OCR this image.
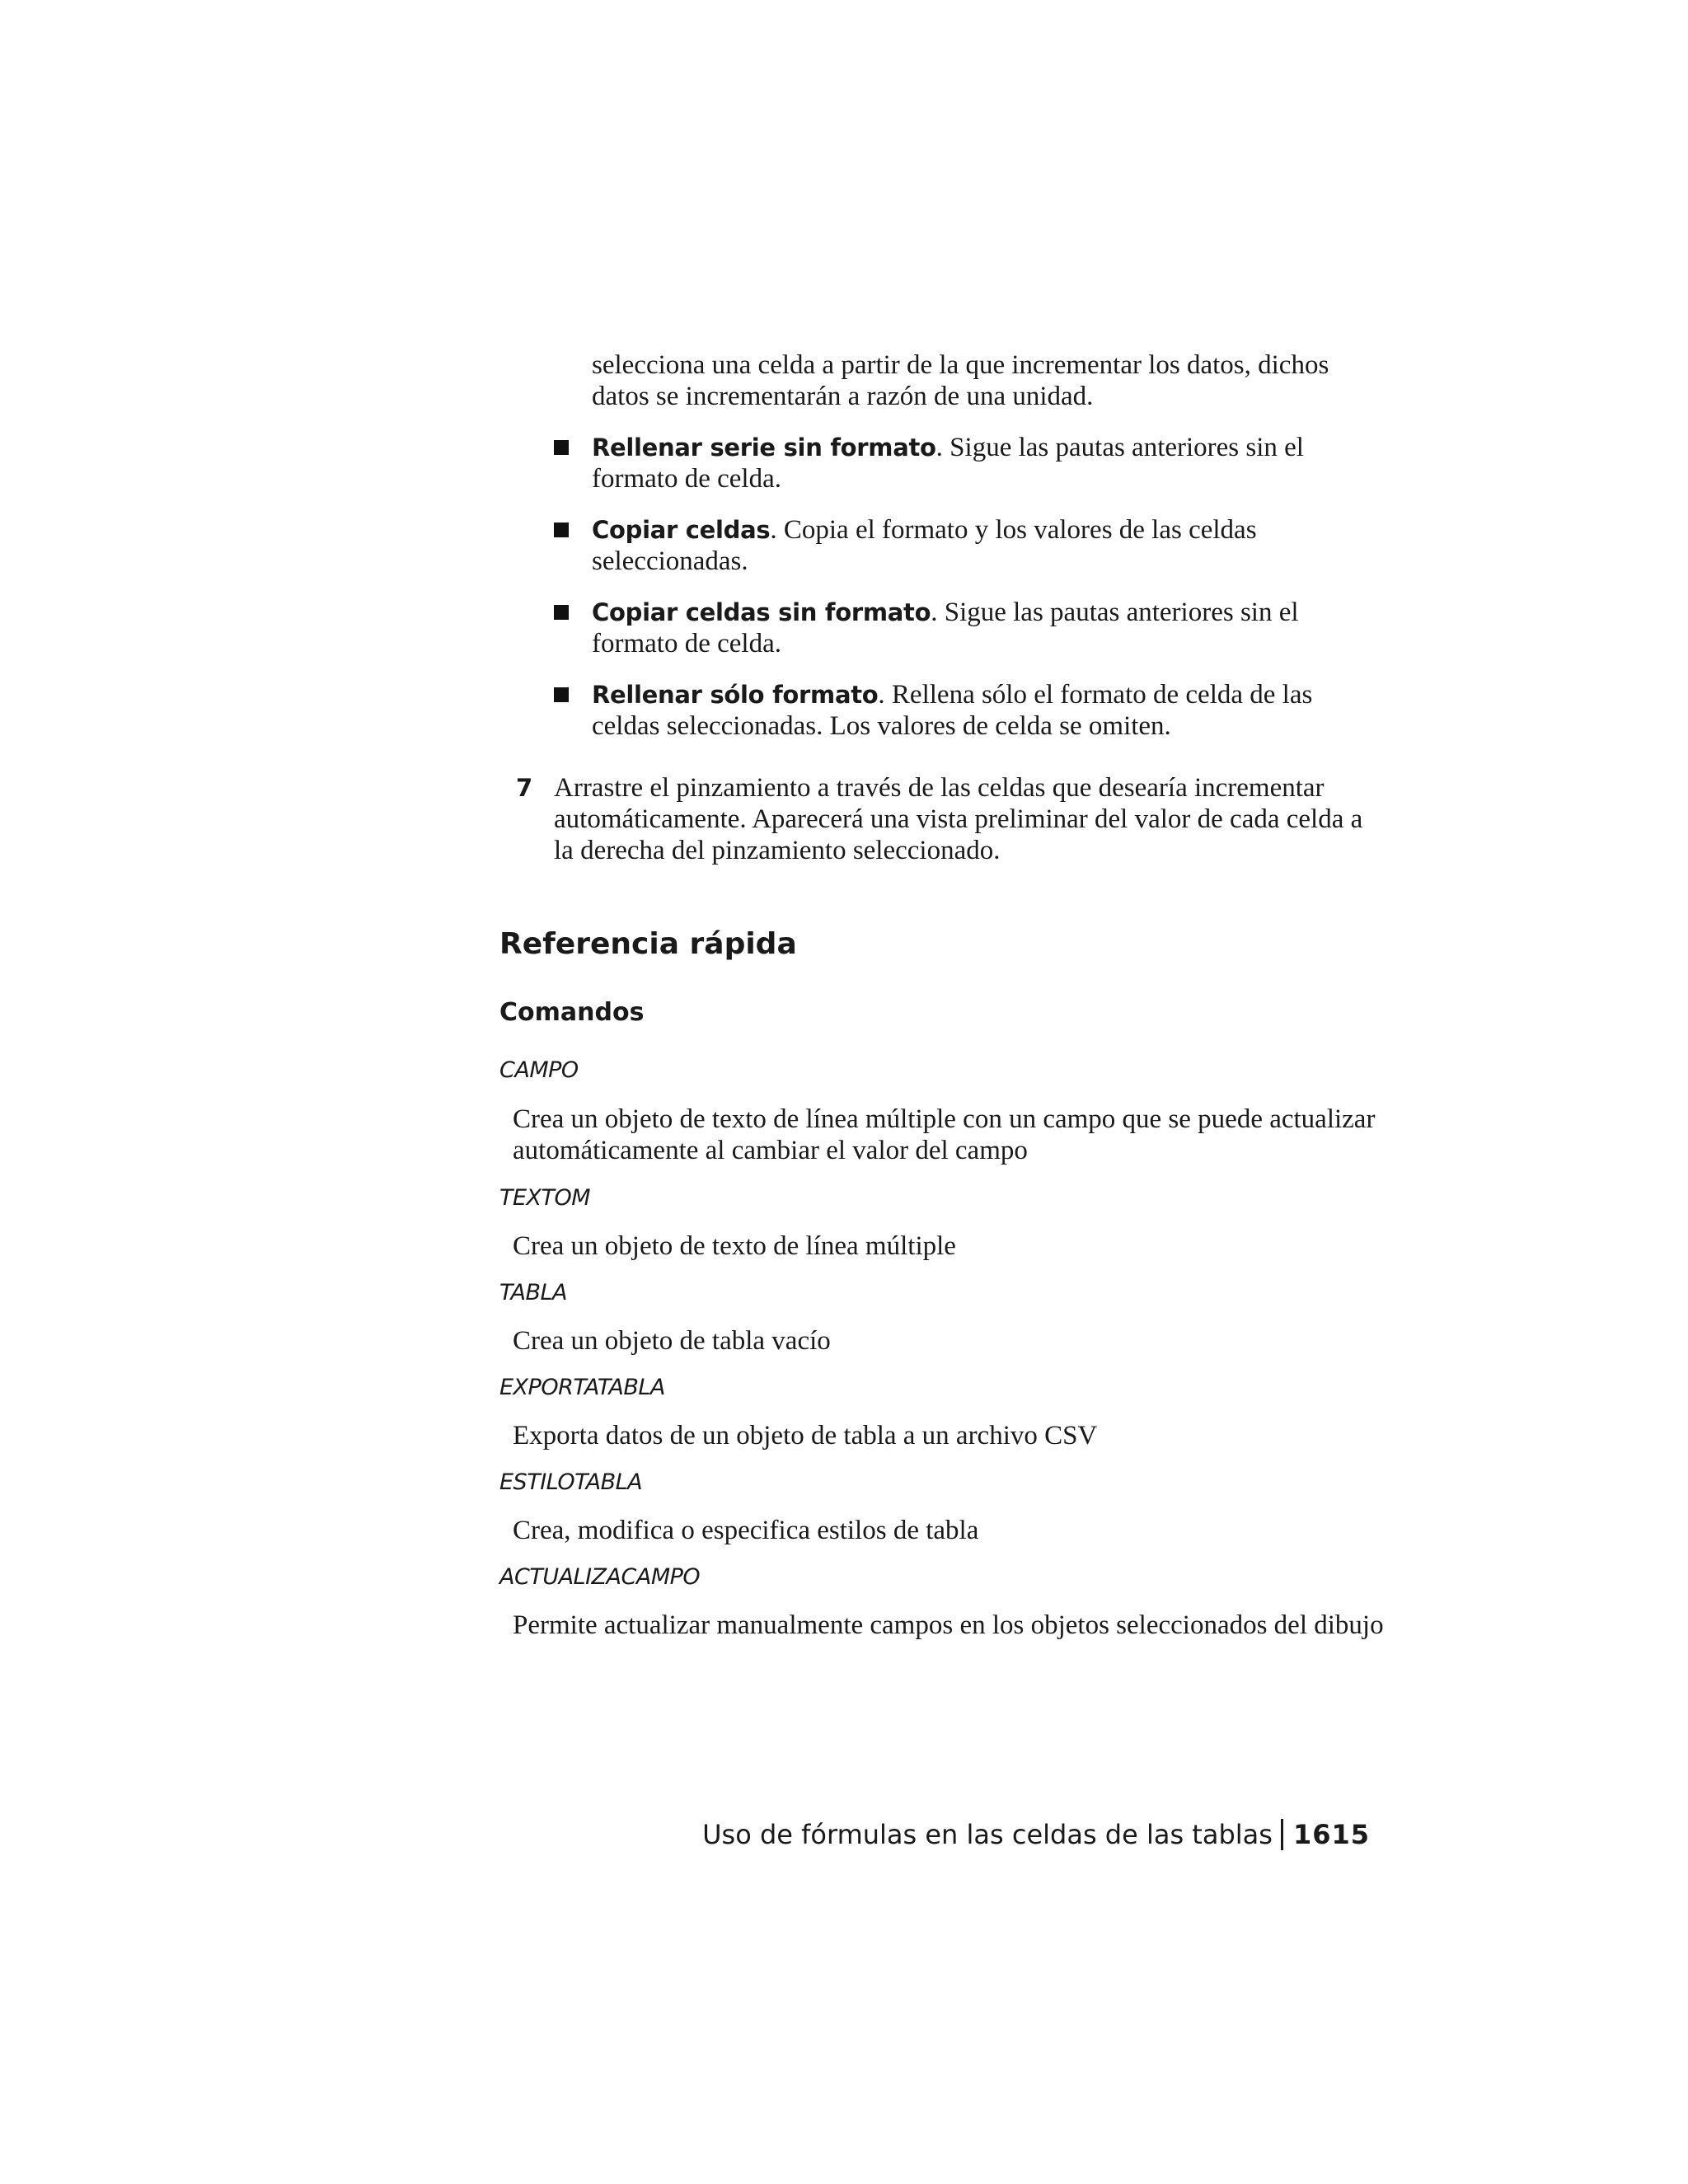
selecciona una celda a partir de la que incrementar los datos, dichos datos se incrementarán a razón de una unidad.
Rellenar serie sin formato. Sigue las pautas anteriores sin el formato de celda.
Copiar celdas. Copia el formato y los valores de las celdas seleccionadas.
Copiar celdas sin formato. Sigue las pautas anteriores sin el formato de celda.
Rellenar sólo formato. Rellena sólo el formato de celda de las celdas seleccionadas. Los valores de celda se omiten.
7 Arrastre el pinzamiento a través de las celdas que desearía incrementar automáticamente. Aparecerá una vista preliminar del valor de cada celda a la derecha del pinzamiento seleccionado.
Referencia rápida
Comandos
CAMPO
Crea un objeto de texto de línea múltiple con un campo que se puede actualizar automáticamente al cambiar el valor del campo
TEXTOM
Crea un objeto de texto de línea múltiple
TABLA
Crea un objeto de tabla vacío
EXPORTATABLA
Exporta datos de un objeto de tabla a un archivo CSV
ESTILOTABLA
Crea, modifica o especifica estilos de tabla
ACTUALIZACAMPO
Permite actualizar manualmente campos en los objetos seleccionados del dibujo
Uso de fórmulas en las celdas de las tablas 1615
